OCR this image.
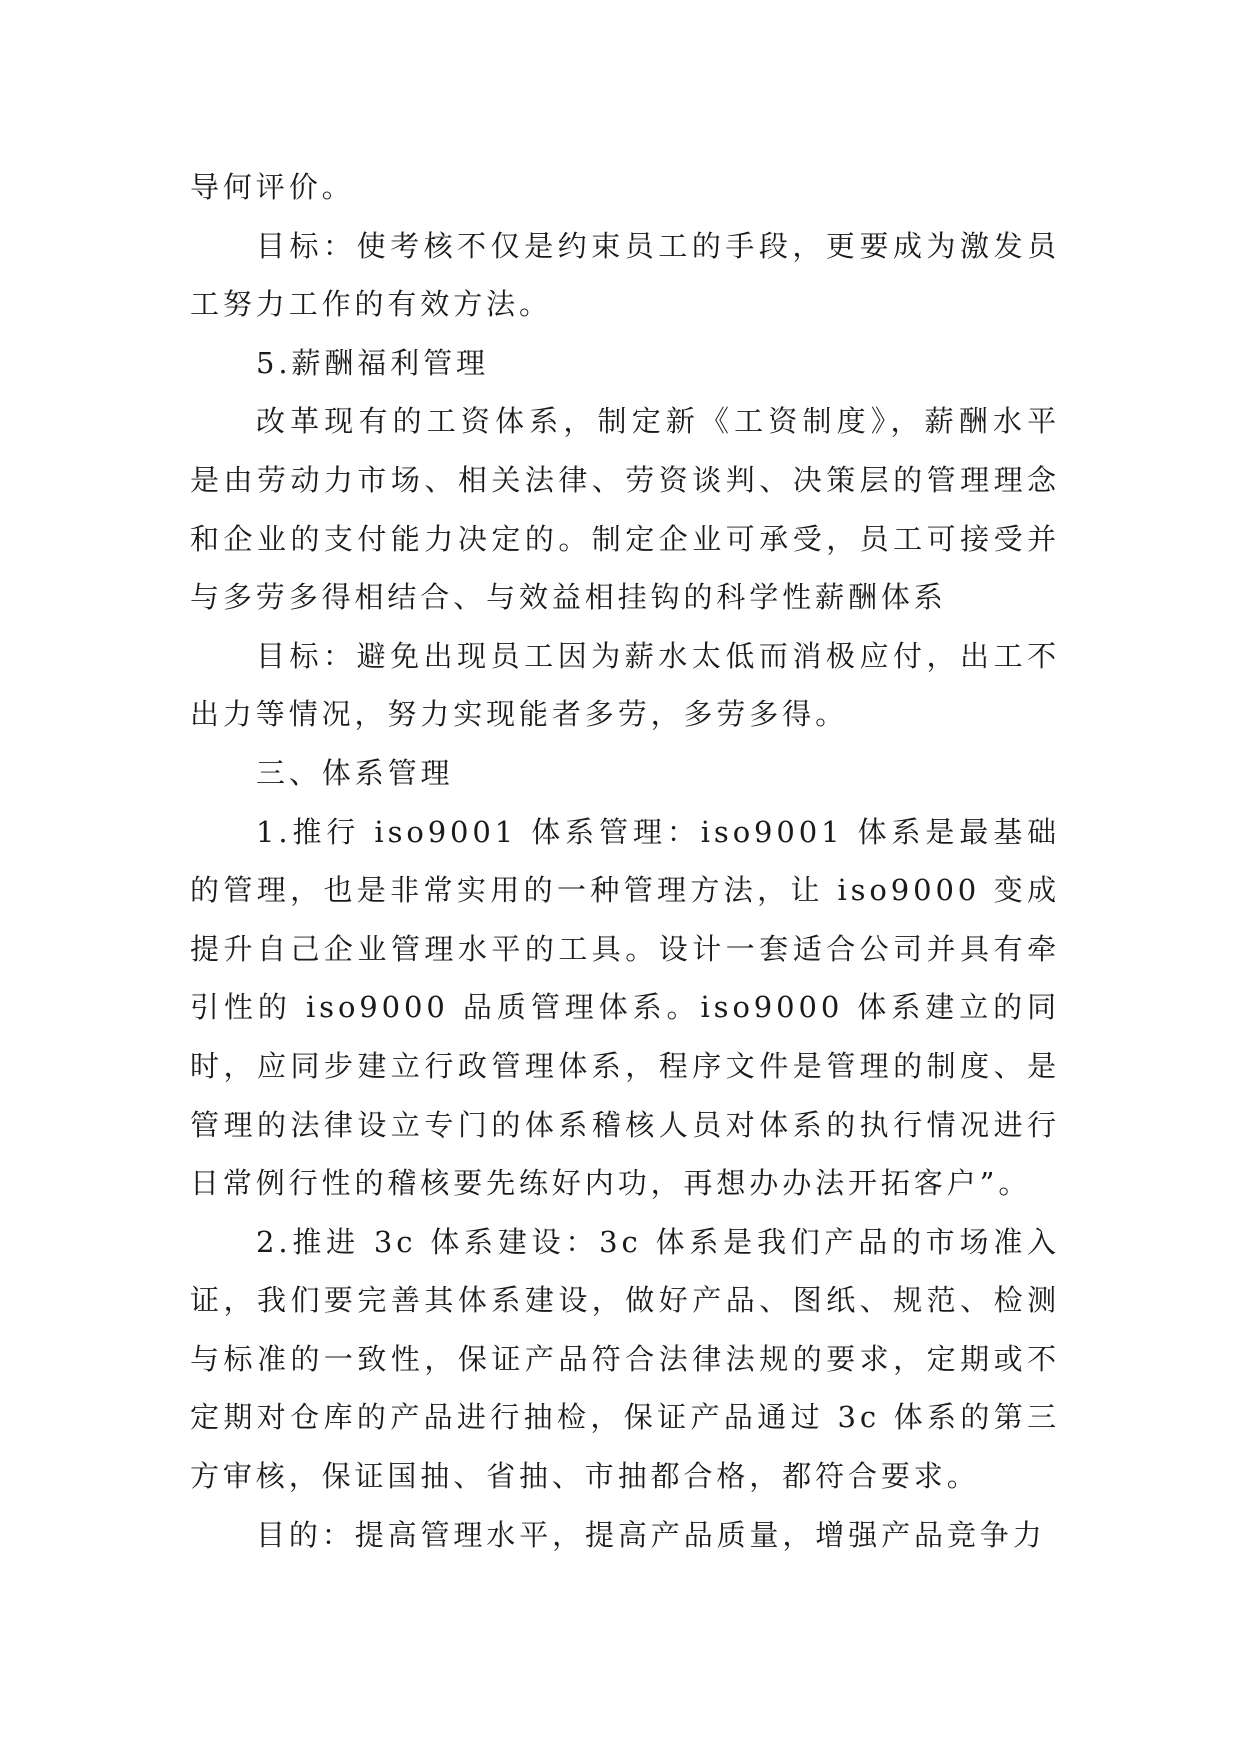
导何评价。

目标：使考核不仅是约束员工的手段，更要成为激发员工努力工作的有效方法。

5.薪酬福利管理

改革现有的工资体系，制定新《工资制度》，薪酬水平是由劳动力市场、相关法律、劳资谈判、决策层的管理理念和企业的支付能力决定的。制定企业可承受，员工可接受并与多劳多得相结合、与效益相挂钩的科学性薪酬体系

目标：避免出现员工因为薪水太低而消极应付，出工不出力等情况，努力实现能者多劳，多劳多得。

三、体系管理

1.推行 iso9001 体系管理：iso9001 体系是最基础的管理，也是非常实用的一种管理方法，让 iso9000 变成提升自己企业管理水平的工具。设计一套适合公司并具有牵引性的 iso9000 品质管理体系。iso9000 体系建立的同时，应同步建立行政管理体系，程序文件是管理的制度、是管理的法律设立专门的体系稽核人员对体系的执行情况进行日常例行性的稽核要先练好内功，再想办办法开拓客户”。

2.推进 3c 体系建设：3c 体系是我们产品的市场准入证，我们要完善其体系建设，做好产品、图纸、规范、检测与标准的一致性，保证产品符合法律法规的要求，定期或不定期对仓库的产品进行抽检，保证产品通过 3c 体系的第三方审核，保证国抽、省抽、市抽都合格，都符合要求。

目的：提高管理水平，提高产品质量，增强产品竞争力
